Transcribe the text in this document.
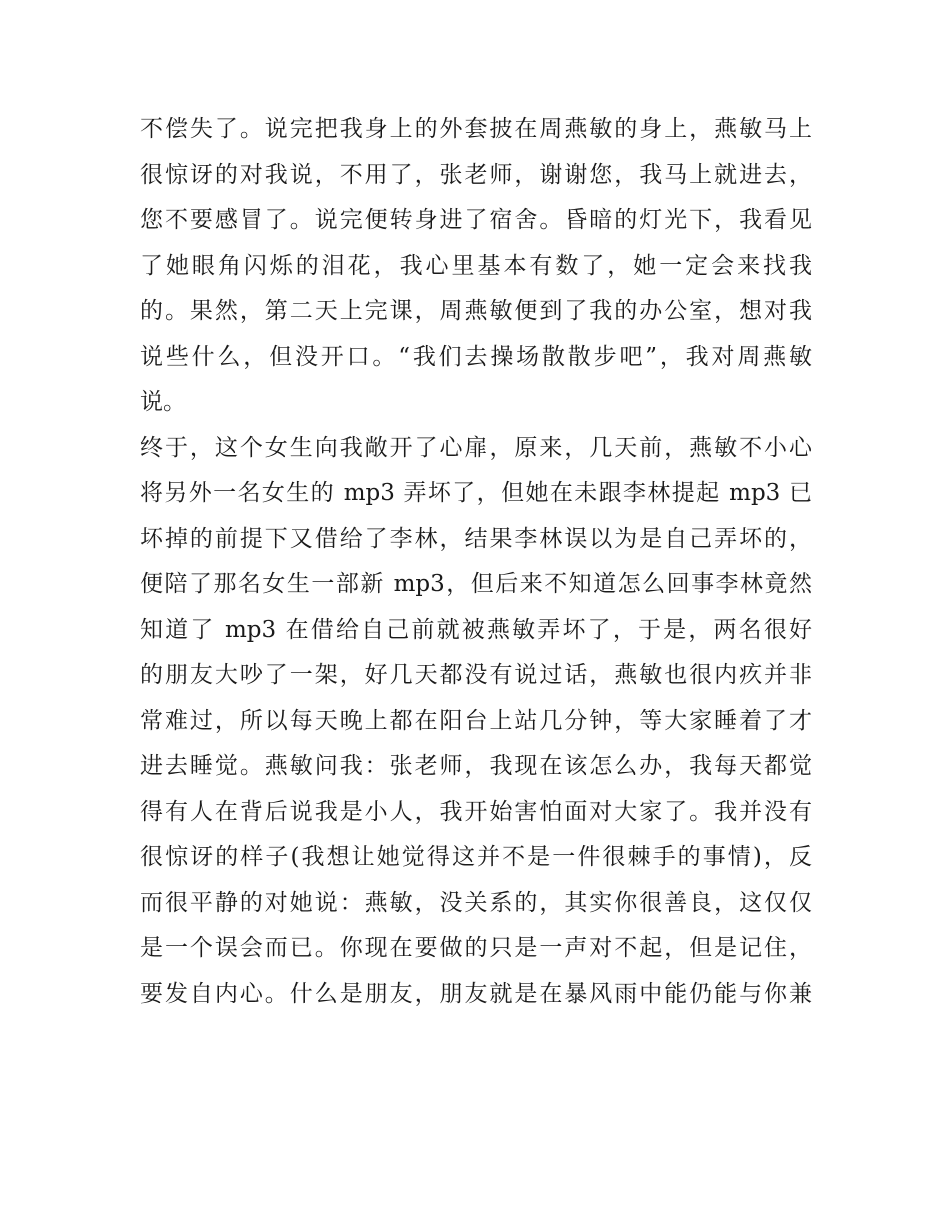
不偿失了。说完把我身上的外套披在周燕敏的身上，燕敏马上
很惊讶的对我说，不用了，张老师，谢谢您，我马上就进去，
您不要感冒了。说完便转身进了宿舍。昏暗的灯光下，我看见
了她眼角闪烁的泪花，我心里基本有数了，她一定会来找我
的。果然，第二天上完课，周燕敏便到了我的办公室，想对我
说些什么，但没开口。“我们去操场散散步吧”，我对周燕敏
说。
终于，这个女生向我敞开了心扉，原来，几天前，燕敏不小心
将另外一名女生的 mp3 弄坏了，但她在未跟李林提起 mp3 已
坏掉的前提下又借给了李林，结果李林误以为是自己弄坏的，
便陪了那名女生一部新 mp3，但后来不知道怎么回事李林竟然
知道了 mp3 在借给自己前就被燕敏弄坏了，于是，两名很好
的朋友大吵了一架，好几天都没有说过话，燕敏也很内疚并非
常难过，所以每天晚上都在阳台上站几分钟，等大家睡着了才
进去睡觉。燕敏问我：张老师，我现在该怎么办，我每天都觉
得有人在背后说我是小人，我开始害怕面对大家了。我并没有
很惊讶的样子(我想让她觉得这并不是一件很棘手的事情)，反
而很平静的对她说：燕敏，没关系的，其实你很善良，这仅仅
是一个误会而已。你现在要做的只是一声对不起，但是记住，
要发自内心。什么是朋友，朋友就是在暴风雨中能仍能与你兼
